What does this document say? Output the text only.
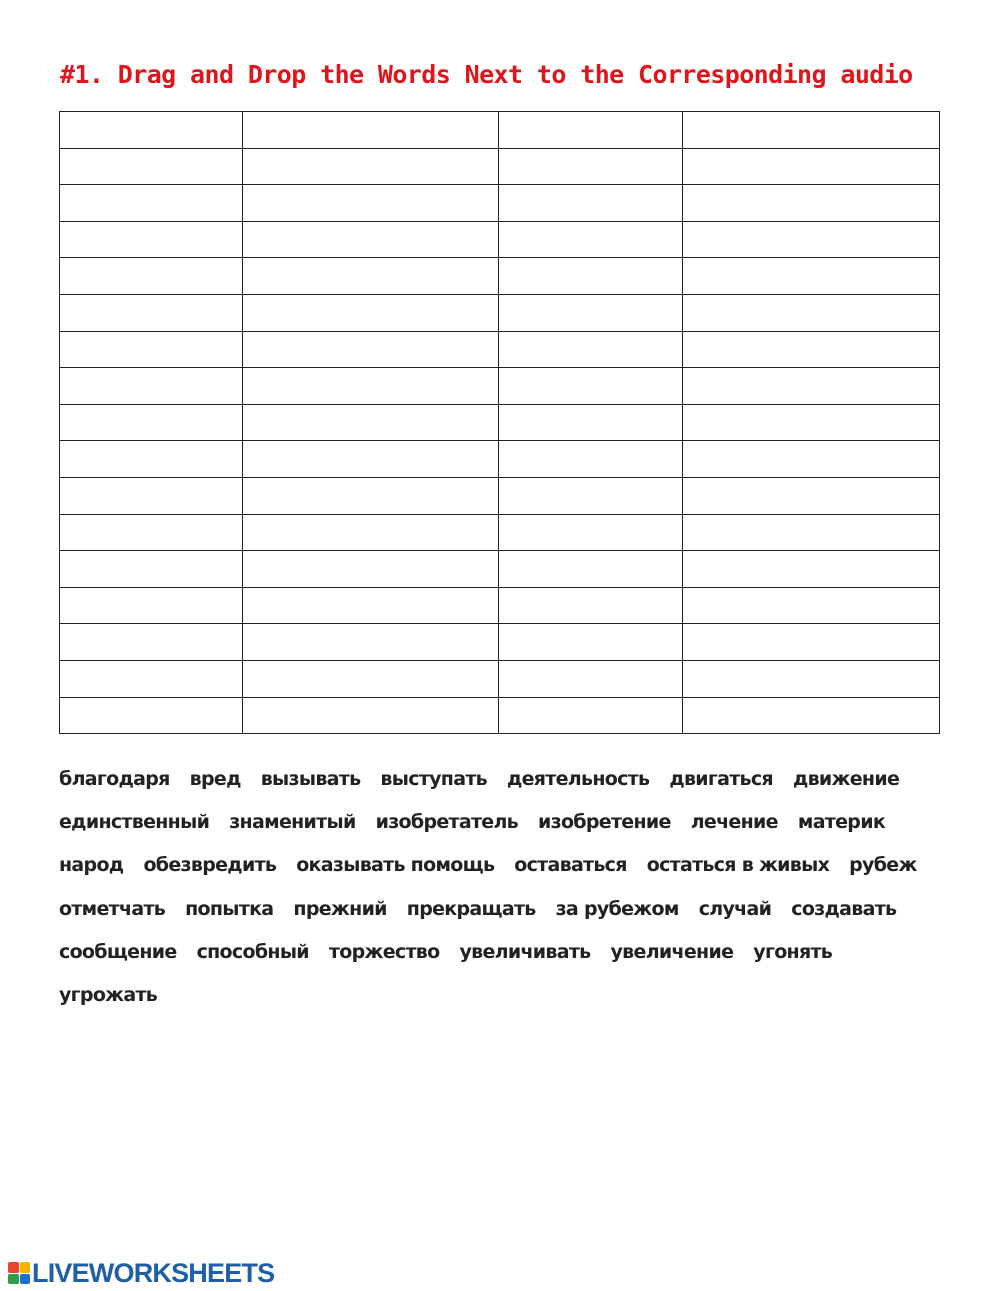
#1. Drag and Drop the Words Next to the Corresponding audio

благодаря вред вызывать выступать деятельность двигаться движение
единственный знаменитый изобретатель изобретение лечение материк
народ обезвредить оказывать помощь оставаться остаться в живых рубеж
отметчать попытка прежний прекращать за рубежом случай создавать
сообщение способный торжество увеличивать увеличение угонять
угрожать
LIVEWORKSHEETS
